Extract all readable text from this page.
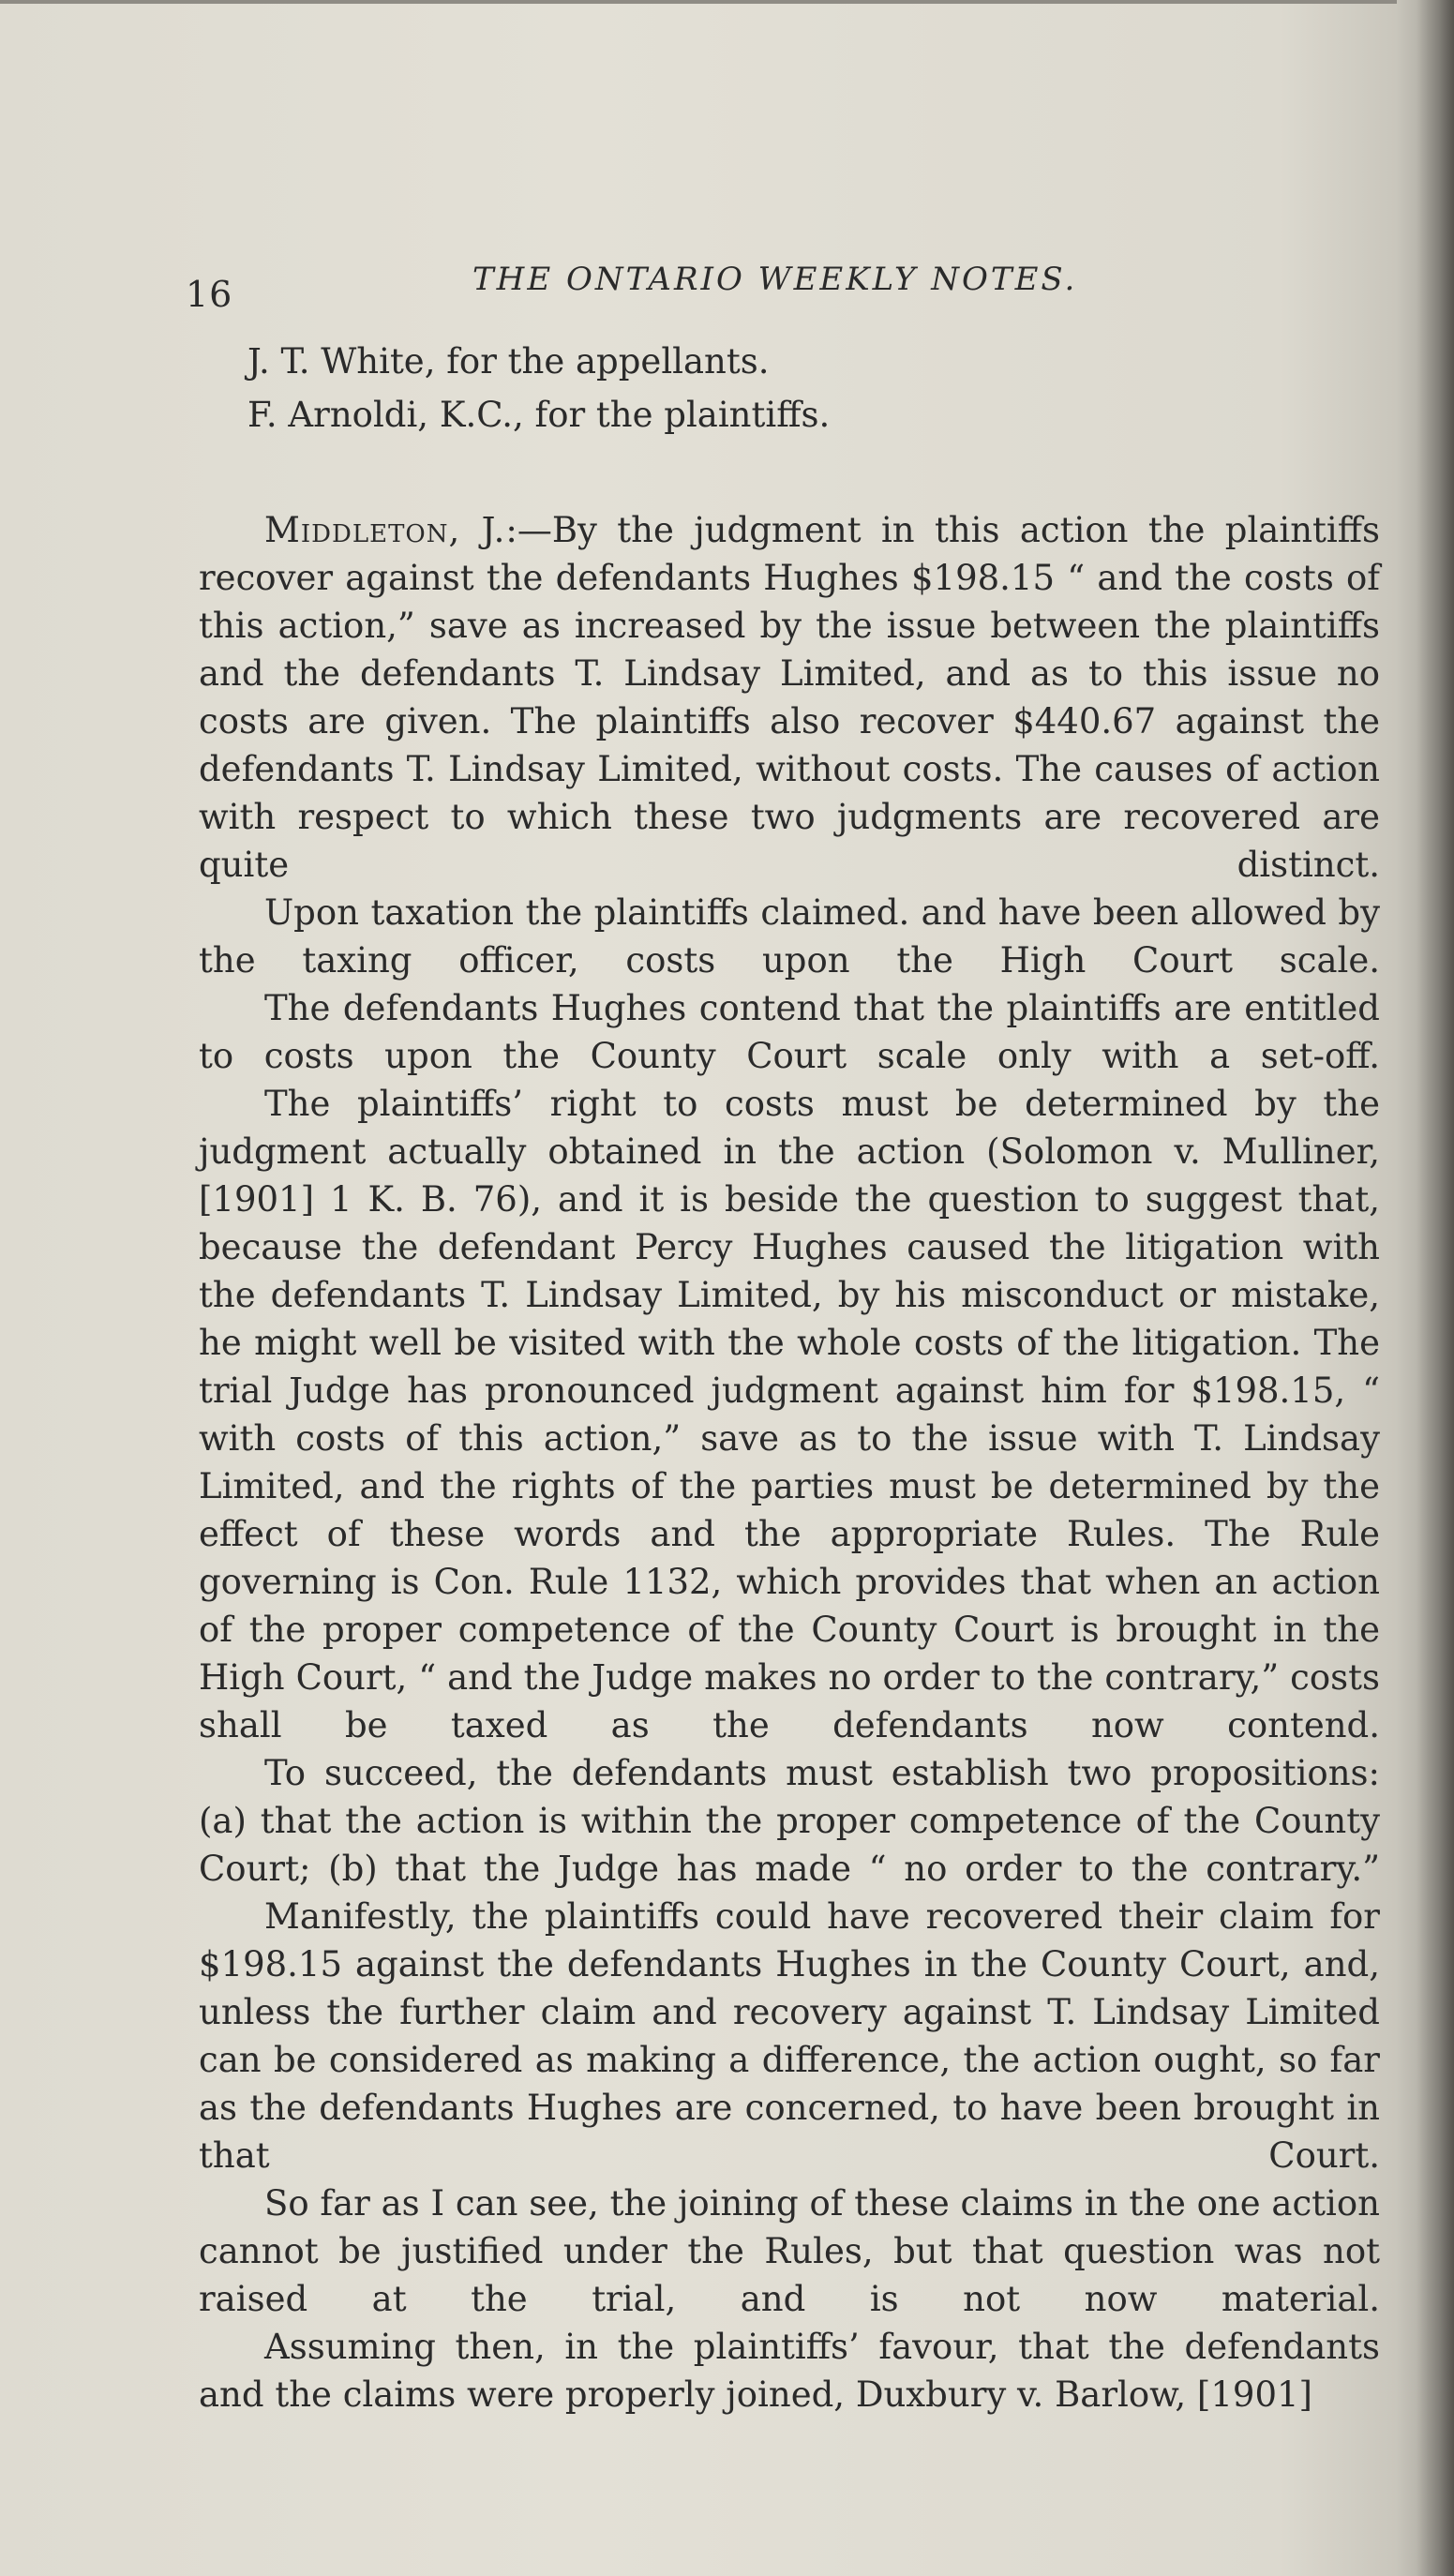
16	THE ONTARIO WEEKLY NOTES.

J. T. White, for the appellants.

F. Arnoldi, K.C., for the plaintiffs.

Middleton, J.:—By the judgment in this action the plaintiffs recover against the defendants Hughes $198.15 “ and the costs of this action,” save as increased by the issue between the plaintiffs and the defendants T. Lindsay Limited, and as to this issue no costs are given. The plaintiffs also recover $440.67 against the defendants T. Lindsay Limited, without costs. The causes of action with respect to which these two judgments are recovered are quite distinct.

Upon taxation the plaintiffs claimed. and have been allowed by the taxing officer, costs upon the High Court scale.

The defendants Hughes contend that the plaintiffs are entitled to costs upon the County Court scale only with a set-off.

The plaintiffs’ right to costs must be determined by the judgment actually obtained in the action (Solomon v. Mulliner, [1901] 1 K. B. 76), and it is beside the question to suggest that, because the defendant Percy Hughes caused the litigation with the defendants T. Lindsay Limited, by his misconduct or mistake, he might well be visited with the whole costs of the litigation. The trial Judge has pronounced judgment against him for $198.15, “ with costs of this action,” save as to the issue with T. Lindsay Limited, and the rights of the parties must be determined by the effect of these words and the appropriate Rules. The Rule governing is Con. Rule 1132, which provides that when an action of the proper competence of the County Court is brought in the High Court, “ and the Judge makes no order to the contrary,” costs shall be taxed as the defendants now contend.

To succeed, the defendants must establish two propositions: (a) that the action is within the proper competence of the County Court; (b) that the Judge has made “ no order to the contrary.”

Manifestly, the plaintiffs could have recovered their claim for $198.15 against the defendants Hughes in the County Court, and, unless the further claim and recovery against T. Lindsay Limited can be considered as making a difference, the action ought, so far as the defendants Hughes are concerned, to have been brought in that Court.

So far as I can see, the joining of these claims in the one action cannot be justified under the Rules, but that question was not raised at the trial, and is not now material.

Assuming then, in the plaintiffs’ favour, that the defendants and the claims were properly joined, Duxbury v. Barlow, [1901]
